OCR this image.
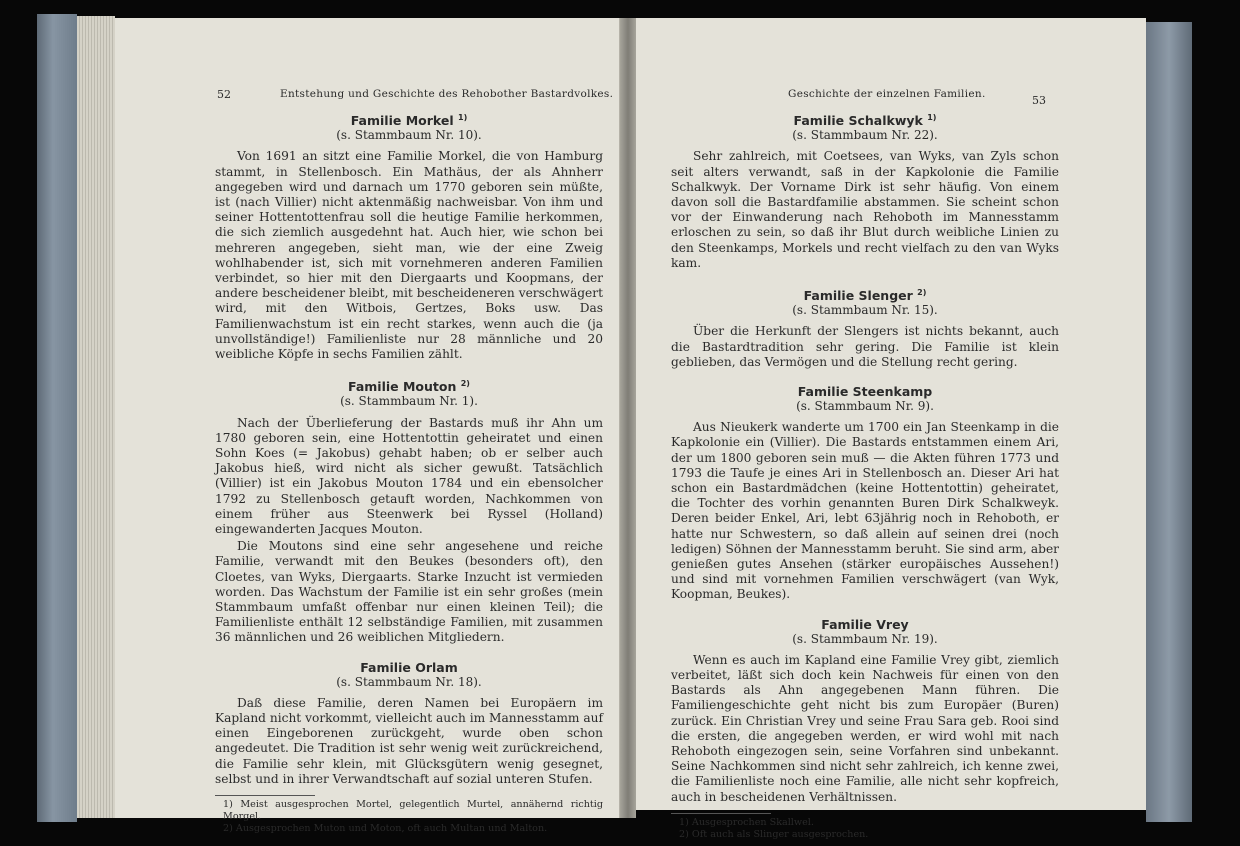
52	Entstehung und Geschichte des Rehobother Bastardvolkes.
Familie Morkel $^{1)}$
(s. Stammbaum Nr. 10).

Von 1691 an sitzt eine Familie Morkel, die von Hamburg stammt, in Stellenbosch. Ein Mathäus, der als Ahnherr angegeben wird und darnach um 1770 geboren sein müßte, ist (nach Villier) nicht aktenmäßig nachweisbar. Von ihm und seiner Hottentottenfrau soll die heutige Familie herkommen, die sich ziemlich ausgedehnt hat. Auch hier, wie schon bei mehreren angegeben, sieht man, wie der eine Zweig wohlhabender ist, sich mit vornehmeren anderen Familien verbindet, so hier mit den Diergaarts und Koopmans, der andere bescheidener bleibt, mit bescheideneren verschwägert wird, mit den Witbois, Gertzes, Boks usw. Das Familienwachstum ist ein recht starkes, wenn auch die (ja unvollständige!) Familienliste nur 28 männliche und 20 weibliche Köpfe in sechs Familien zählt.

Familie Mouton $^{2)}$
(s. Stammbaum Nr. 1).

Nach der Überlieferung der Bastards muß ihr Ahn um 1780 geboren sein, eine Hottentottin geheiratet und einen Sohn Koes (= Jakobus) gehabt haben; ob er selber auch Jakobus hieß, wird nicht als sicher gewußt. Tatsächlich (Villier) ist ein Jakobus Mouton 1784 und ein ebensolcher 1792 zu Stellenbosch getauft worden, Nachkommen von einem früher aus Steenwerk bei Ryssel (Holland) eingewanderten Jacques Mouton.

Die Moutons sind eine sehr angesehene und reiche Familie, verwandt mit den Beukes (besonders oft), den Cloetes, van Wyks, Diergaarts. Starke Inzucht ist vermieden worden. Das Wachstum der Familie ist ein sehr großes (mein Stammbaum umfaßt offenbar nur einen kleinen Teil); die Familienliste enthält 12 selbständige Familien, mit zusammen 36 männlichen und 26 weiblichen Mitgliedern.

Familie Orlam
(s. Stammbaum Nr. 18).

Daß diese Familie, deren Namen bei Europäern im Kapland nicht vorkommt, vielleicht auch im Mannesstamm auf einen Eingeborenen zurückgeht, wurde oben schon angedeutet. Die Tradition ist sehr wenig weit zurückreichend, die Familie sehr klein, mit Glücksgütern wenig gesegnet, selbst und in ihrer Verwandtschaft auf sozial unteren Stufen.

1) Meist ausgesprochen Mortel, gelegentlich Murtel, annähernd richtig Morgel.

2) Ausgesprochen Muton und Moton, oft auch Multan und Malton.

Geschichte der einzelnen Familien.	53
Familie Schalkwyk $^{1)}$
(s. Stammbaum Nr. 22).

Sehr zahlreich, mit Coetsees, van Wyks, van Zyls schon seit alters verwandt, saß in der Kapkolonie die Familie Schalkwyk. Der Vorname Dirk ist sehr häufig. Von einem davon soll die Bastardfamilie abstammen. Sie scheint schon vor der Einwanderung nach Rehoboth im Mannesstamm erloschen zu sein, so daß ihr Blut durch weibliche Linien zu den Steenkamps, Morkels und recht vielfach zu den van Wyks kam.

Familie Slenger $^{2)}$
(s. Stammbaum Nr. 15).

Über die Herkunft der Slengers ist nichts bekannt, auch die Bastardtradition sehr gering. Die Familie ist klein geblieben, das Vermögen und die Stellung recht gering.

Familie Steenkamp
(s. Stammbaum Nr. 9).

Aus Nieukerk wanderte um 1700 ein Jan Steenkamp in die Kapkolonie ein (Villier). Die Bastards entstammen einem Ari, der um 1800 geboren sein muß — die Akten führen 1773 und 1793 die Taufe je eines Ari in Stellenbosch an. Dieser Ari hat schon ein Bastardmädchen (keine Hottentottin) geheiratet, die Tochter des vorhin genannten Buren Dirk Schalkweyk. Deren beider Enkel, Ari, lebt 63jährig noch in Rehoboth, er hatte nur Schwestern, so daß allein auf seinen drei (noch ledigen) Söhnen der Mannesstamm beruht. Sie sind arm, aber genießen gutes Ansehen (stärker europäisches Aussehen!) und sind mit vornehmen Familien verschwägert (van Wyk, Koopman, Beukes).

Familie Vrey
(s. Stammbaum Nr. 19).

Wenn es auch im Kapland eine Familie Vrey gibt, ziemlich verbeitet, läßt sich doch kein Nachweis für einen von den Bastards als Ahn angegebenen Mann führen. Die Familiengeschichte geht nicht bis zum Europäer (Buren) zurück. Ein Christian Vrey und seine Frau Sara geb. Rooi sind die ersten, die angegeben werden, er wird wohl mit nach Rehoboth eingezogen sein, seine Vorfahren sind unbekannt. Seine Nachkommen sind nicht sehr zahlreich, ich kenne zwei, die Familienliste noch eine Familie, alle nicht sehr kopfreich, auch in bescheidenen Verhältnissen.

1) Ausgesprochen Skallwel.

2) Oft auch als Slinger ausgesprochen.
